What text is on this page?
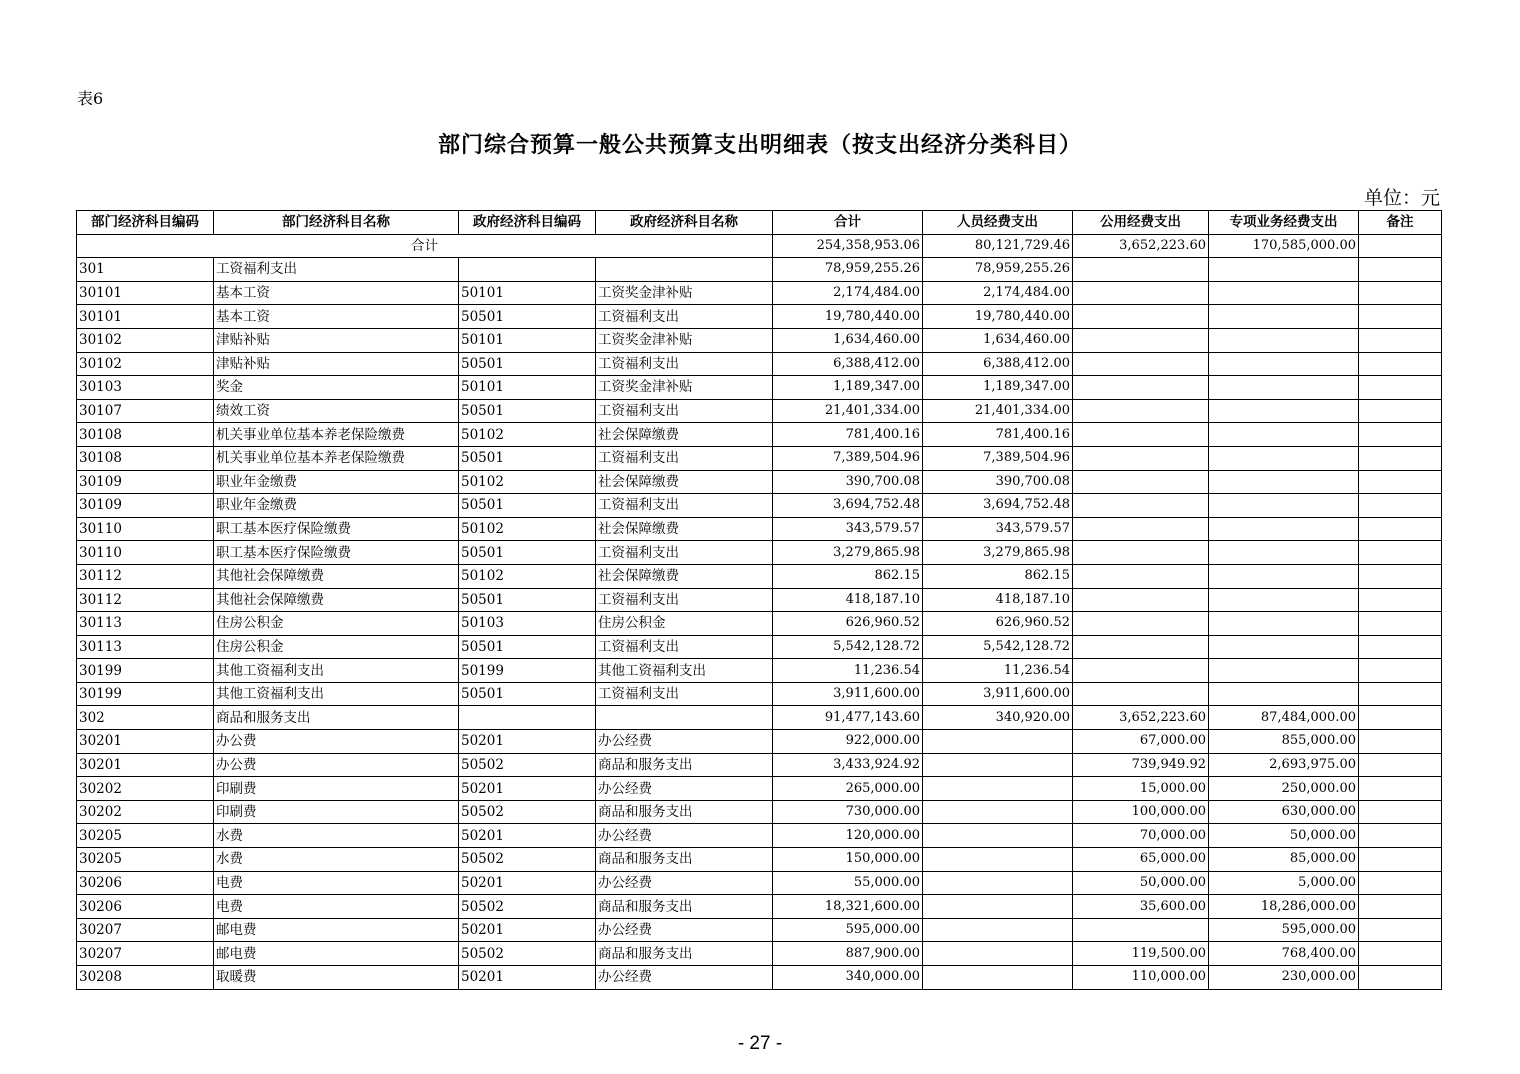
表6
部门综合预算一般公共预算支出明细表（按支出经济分类科目）
单位：元
部门经济科目编码	部门经济科目名称	政府经济科目编码	政府经济科目名称	合计	人员经费支出	公用经费支出	专项业务经费支出	备注
合计				254,358,953.06	80,121,729.46	3,652,223.60	170,585,000.00	
301	工资福利支出			78,959,255.26	78,959,255.26			
30101	基本工资	50101	工资奖金津补贴	2,174,484.00	2,174,484.00			
30101	基本工资	50501	工资福利支出	19,780,440.00	19,780,440.00			
30102	津贴补贴	50101	工资奖金津补贴	1,634,460.00	1,634,460.00			
30102	津贴补贴	50501	工资福利支出	6,388,412.00	6,388,412.00			
30103	奖金	50101	工资奖金津补贴	1,189,347.00	1,189,347.00			
30107	绩效工资	50501	工资福利支出	21,401,334.00	21,401,334.00			
30108	机关事业单位基本养老保险缴费	50102	社会保障缴费	781,400.16	781,400.16			
30108	机关事业单位基本养老保险缴费	50501	工资福利支出	7,389,504.96	7,389,504.96			
30109	职业年金缴费	50102	社会保障缴费	390,700.08	390,700.08			
30109	职业年金缴费	50501	工资福利支出	3,694,752.48	3,694,752.48			
30110	职工基本医疗保险缴费	50102	社会保障缴费	343,579.57	343,579.57			
30110	职工基本医疗保险缴费	50501	工资福利支出	3,279,865.98	3,279,865.98			
30112	其他社会保障缴费	50102	社会保障缴费	862.15	862.15			
30112	其他社会保障缴费	50501	工资福利支出	418,187.10	418,187.10			
30113	住房公积金	50103	住房公积金	626,960.52	626,960.52			
30113	住房公积金	50501	工资福利支出	5,542,128.72	5,542,128.72			
30199	其他工资福利支出	50199	其他工资福利支出	11,236.54	11,236.54			
30199	其他工资福利支出	50501	工资福利支出	3,911,600.00	3,911,600.00			
302	商品和服务支出			91,477,143.60	340,920.00	3,652,223.60	87,484,000.00	
30201	办公费	50201	办公经费	922,000.00		67,000.00	855,000.00	
30201	办公费	50502	商品和服务支出	3,433,924.92		739,949.92	2,693,975.00	
30202	印刷费	50201	办公经费	265,000.00		15,000.00	250,000.00	
30202	印刷费	50502	商品和服务支出	730,000.00		100,000.00	630,000.00	
30205	水费	50201	办公经费	120,000.00		70,000.00	50,000.00	
30205	水费	50502	商品和服务支出	150,000.00		65,000.00	85,000.00	
30206	电费	50201	办公经费	55,000.00		50,000.00	5,000.00	
30206	电费	50502	商品和服务支出	18,321,600.00		35,600.00	18,286,000.00	
30207	邮电费	50201	办公经费	595,000.00			595,000.00	
30207	邮电费	50502	商品和服务支出	887,900.00		119,500.00	768,400.00	
30208	取暖费	50201	办公经费	340,000.00		110,000.00	230,000.00	
- 27 -
